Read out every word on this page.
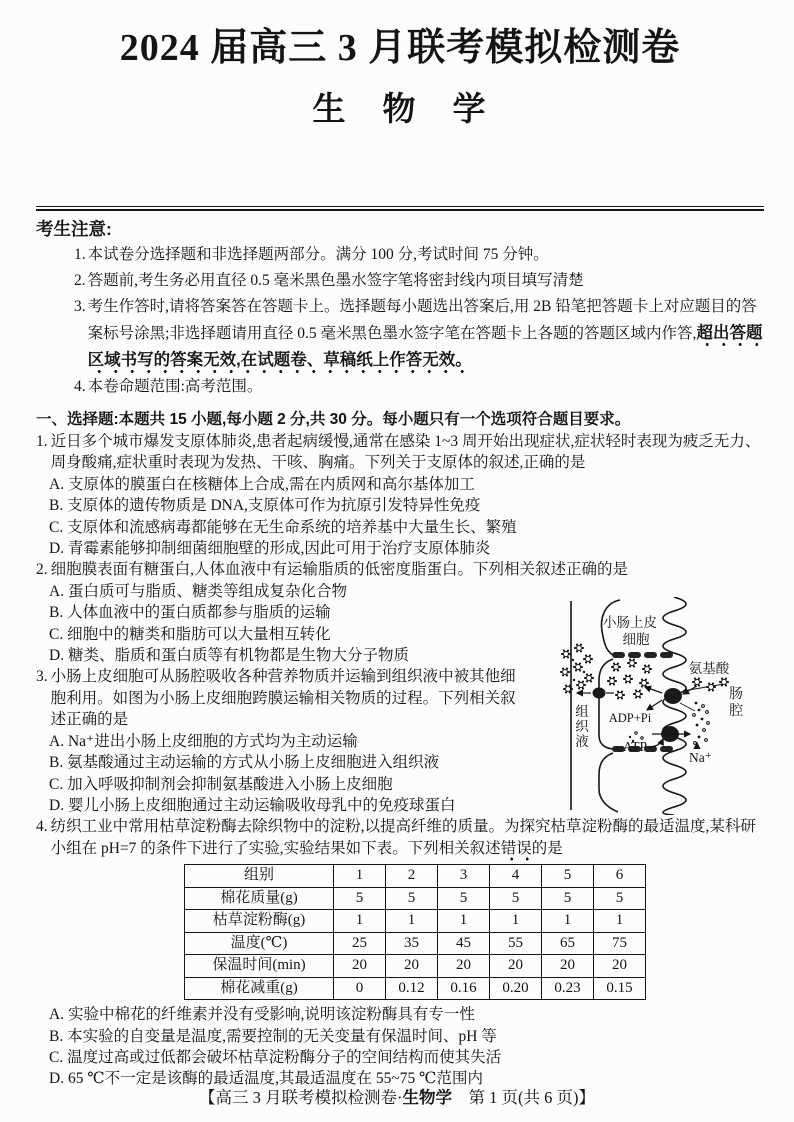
2024 届高三 3 月联考模拟检测卷
生　物　学
考生注意:
1. 本试卷分选择题和非选择题两部分。满分 100 分,考试时间 75 分钟。
2. 答题前,考生务必用直径 0.5 毫米黑色墨水签字笔将密封线内项目填写清楚
3. 考生作答时,请将答案答在答题卡上。选择题每小题选出答案后,用 2B 铅笔把答题卡上对应题目的答案标号涂黑;非选择题请用直径 0.5 毫米黑色墨水签字笔在答题卡上各题的答题区域内作答,超出答题区域书写的答案无效,在试题卷、草稿纸上作答无效。
4. 本卷命题范围:高考范围。
一、选择题:本题共 15 小题,每小题 2 分,共 30 分。每小题只有一个选项符合题目要求。
1. 近日多个城市爆发支原体肺炎,患者起病缓慢,通常在感染 1~3 周开始出现症状,症状轻时表现为疲乏无力、周身酸痛,症状重时表现为发热、干咳、胸痛。下列关于支原体的叙述,正确的是
A. 支原体的膜蛋白在核糖体上合成,需在内质网和高尔基体加工
B. 支原体的遗传物质是 DNA,支原体可作为抗原引发特异性免疫
C. 支原体和流感病毒都能够在无生命系统的培养基中大量生长、繁殖
D. 青霉素能够抑制细菌细胞壁的形成,因此可用于治疗支原体肺炎
2. 细胞膜表面有糖蛋白,人体血液中有运输脂质的低密度脂蛋白。下列相关叙述正确的是
A. 蛋白质可与脂质、糖类等组成复杂化合物
B. 人体血液中的蛋白质都参与脂质的运输
C. 细胞中的糖类和脂肪可以大量相互转化
D. 糖类、脂质和蛋白质等有机物都是生物大分子物质
3. 小肠上皮细胞可从肠腔吸收各种营养物质并运输到组织液中被其他细胞利用。如图为小肠上皮细胞跨膜运输相关物质的过程。下列相关叙述正确的是
A. Na⁺进出小肠上皮细胞的方式均为主动运输
B. 氨基酸通过主动运输的方式从小肠上皮细胞进入组织液
C. 加入呼吸抑制剂会抑制氨基酸进入小肠上皮细胞
D. 婴儿小肠上皮细胞通过主动运输吸收母乳中的免疫球蛋白
4. 纺织工业中常用枯草淀粉酶去除织物中的淀粉,以提高纤维的质量。为探究枯草淀粉酶的最适温度,某科研小组在 pH=7 的条件下进行了实验,实验结果如下表。下列相关叙述错误的是
组别	1	2	3	4	5	6
棉花质量(g)	5	5	5	5	5	5
枯草淀粉酶(g)	1	1	1	1	1	1
温度(℃)	25	35	45	55	65	75
保温时间(min)	20	20	20	20	20	20
棉花减重(g)	0	0.12	0.16	0.20	0.23	0.15
A. 实验中棉花的纤维素并没有受影响,说明该淀粉酶具有专一性
B. 本实验的自变量是温度,需要控制的无关变量有保温时间、pH 等
C. 温度过高或过低都会破坏枯草淀粉酶分子的空间结构而使其失活
D. 65 ℃不一定是该酶的最适温度,其最适温度在 55~75 ℃范围内
小肠上皮
细胞
氨基酸
肠
腔
组
织
液
ADP+Pi
ATP
Na⁺
【高三 3 月联考模拟检测卷·生物学　第 1 页(共 6 页)】
